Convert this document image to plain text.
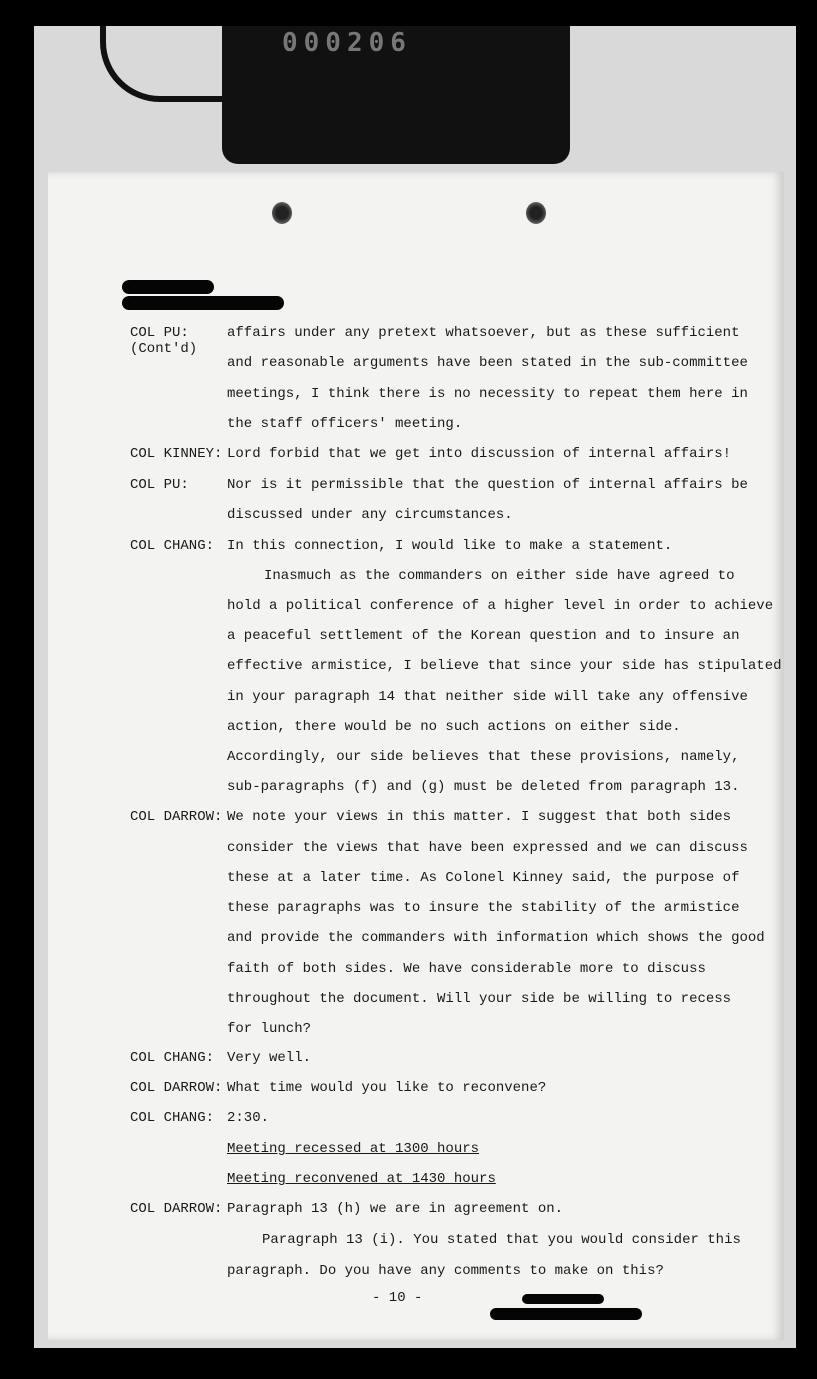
000206
COL PU:	affairs under any pretext whatsoever, but as these sufficient
(Cont'd)
and reasonable arguments have been stated in the sub-committee
meetings, I think there is no necessity to repeat them here in
the staff officers' meeting.
COL KINNEY: Lord forbid that we get into discussion of internal affairs!
COL PU:	Nor is it permissible that the question of internal affairs be
discussed under any circumstances.
COL CHANG: In this connection, I would like to make a statement.
Inasmuch as the commanders on either side have agreed to
hold a political conference of a higher level in order to achieve
a peaceful settlement of the Korean question and to insure an
effective armistice, I believe that since your side has stipulated
in your paragraph 14 that neither side will take any offensive
action, there would be no such actions on either side.
Accordingly, our side believes that these provisions, namely,
sub-paragraphs (f) and (g) must be deleted from paragraph 13.
COL DARROW: We note your views in this matter. I suggest that both sides
consider the views that have been expressed and we can discuss
these at a later time. As Colonel Kinney said, the purpose of
these paragraphs was to insure the stability of the armistice
and provide the commanders with information which shows the good
faith of both sides. We have considerable more to discuss
throughout the document. Will your side be willing to recess
for lunch?
COL CHANG: Very well.
COL DARROW: What time would you like to reconvene?
COL CHANG: 2:30.
Meeting recessed at 1300 hours
Meeting reconvened at 1430 hours
COL DARROW: Paragraph 13 (h) we are in agreement on.
Paragraph 13 (i). You stated that you would consider this
paragraph. Do you have any comments to make on this?
- 10 -
